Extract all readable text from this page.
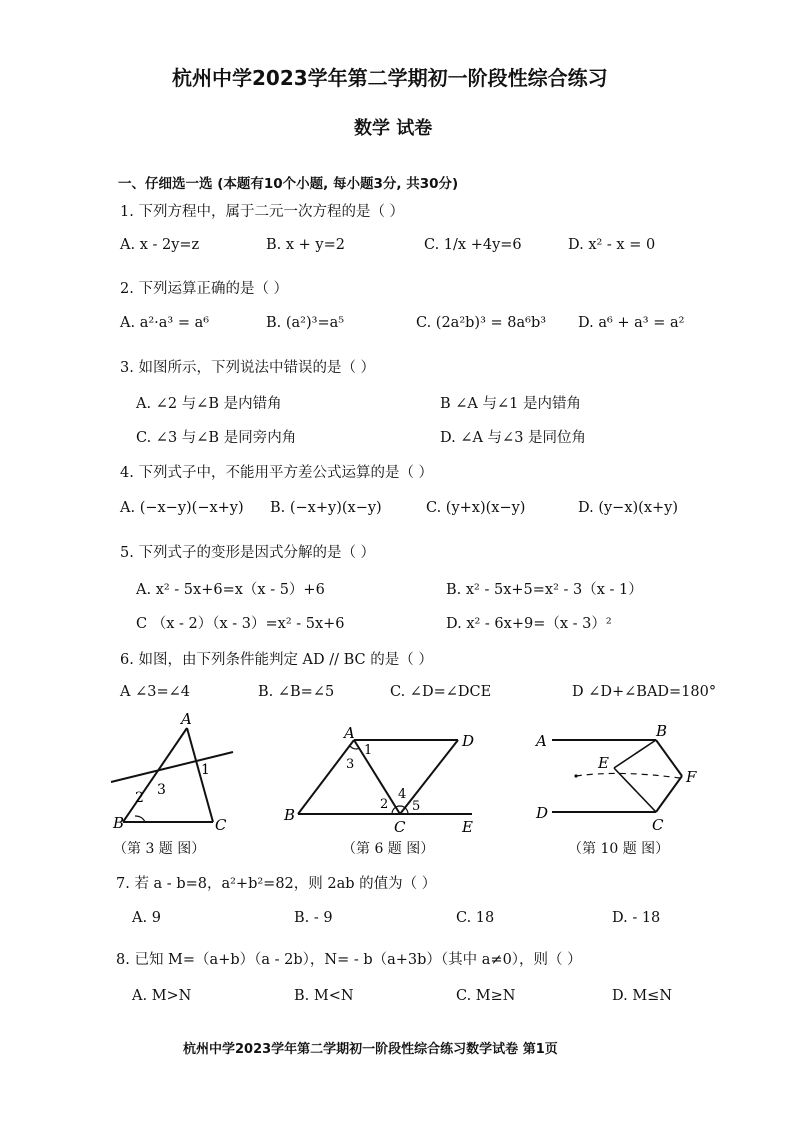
杭州中学2023学年第二学期初一阶段性综合练习
数学 试卷
一、仔细选一选 (本题有10个小题, 每小题3分, 共30分)
1. 下列方程中，属于二元一次方程的是（ ）
A. x - 2y=z	B. x + y=2	C. 1/x +4y=6	D. x² - x = 0
2. 下列运算正确的是（ ）
A. a²·a³ = a⁶	B. (a²)³=a⁵	C. (2a²b)³ = 8a⁶b³ D. a⁶ + a³ = a²
3. 如图所示，下列说法中错误的是（ ）
A. ∠2 与∠B 是内错角	B ∠A 与∠1 是内错角
C. ∠3 与∠B 是同旁内角	D. ∠A 与∠3 是同位角
4. 下列式子中，不能用平方差公式运算的是（ ）
A. (−x−y)(−x+y) B. (−x+y)(x−y)	C. (y+x)(x−y)	D. (y−x)(x+y)
5. 下列式子的变形是因式分解的是（ ）
A. x² - 5x+6=x（x - 5）+6	B. x² - 5x+5=x² - 3（x - 1）
C （x - 2）（x - 3）=x² - 5x+6	D. x² - 6x+9=（x - 3）²
6. 如图，由下列条件能判定 AD // BC 的是（ ）
A ∠3=∠4	B. ∠B=∠5	C. ∠D=∠DCE	D ∠D+∠BAD=180°
A
B	C
1
2 3
（第 3 题 图）
A
B
C
D
E
1
2
3
4
5
（第 6 题 图）
A
B
C
D
E
F
（第 10 题 图）
7. 若 a - b=8，a²+b²=82，则 2ab 的值为（ ）
A. 9	B. - 9	C. 18	D. - 18
8. 已知 M=（a+b）（a - 2b），N= - b（a+3b）（其中 a≠0），则（ ）
A. M>N	B. M<N	C. M≥N	D. M≤N
杭州中学2023学年第二学期初一阶段性综合练习数学试卷 第1页
